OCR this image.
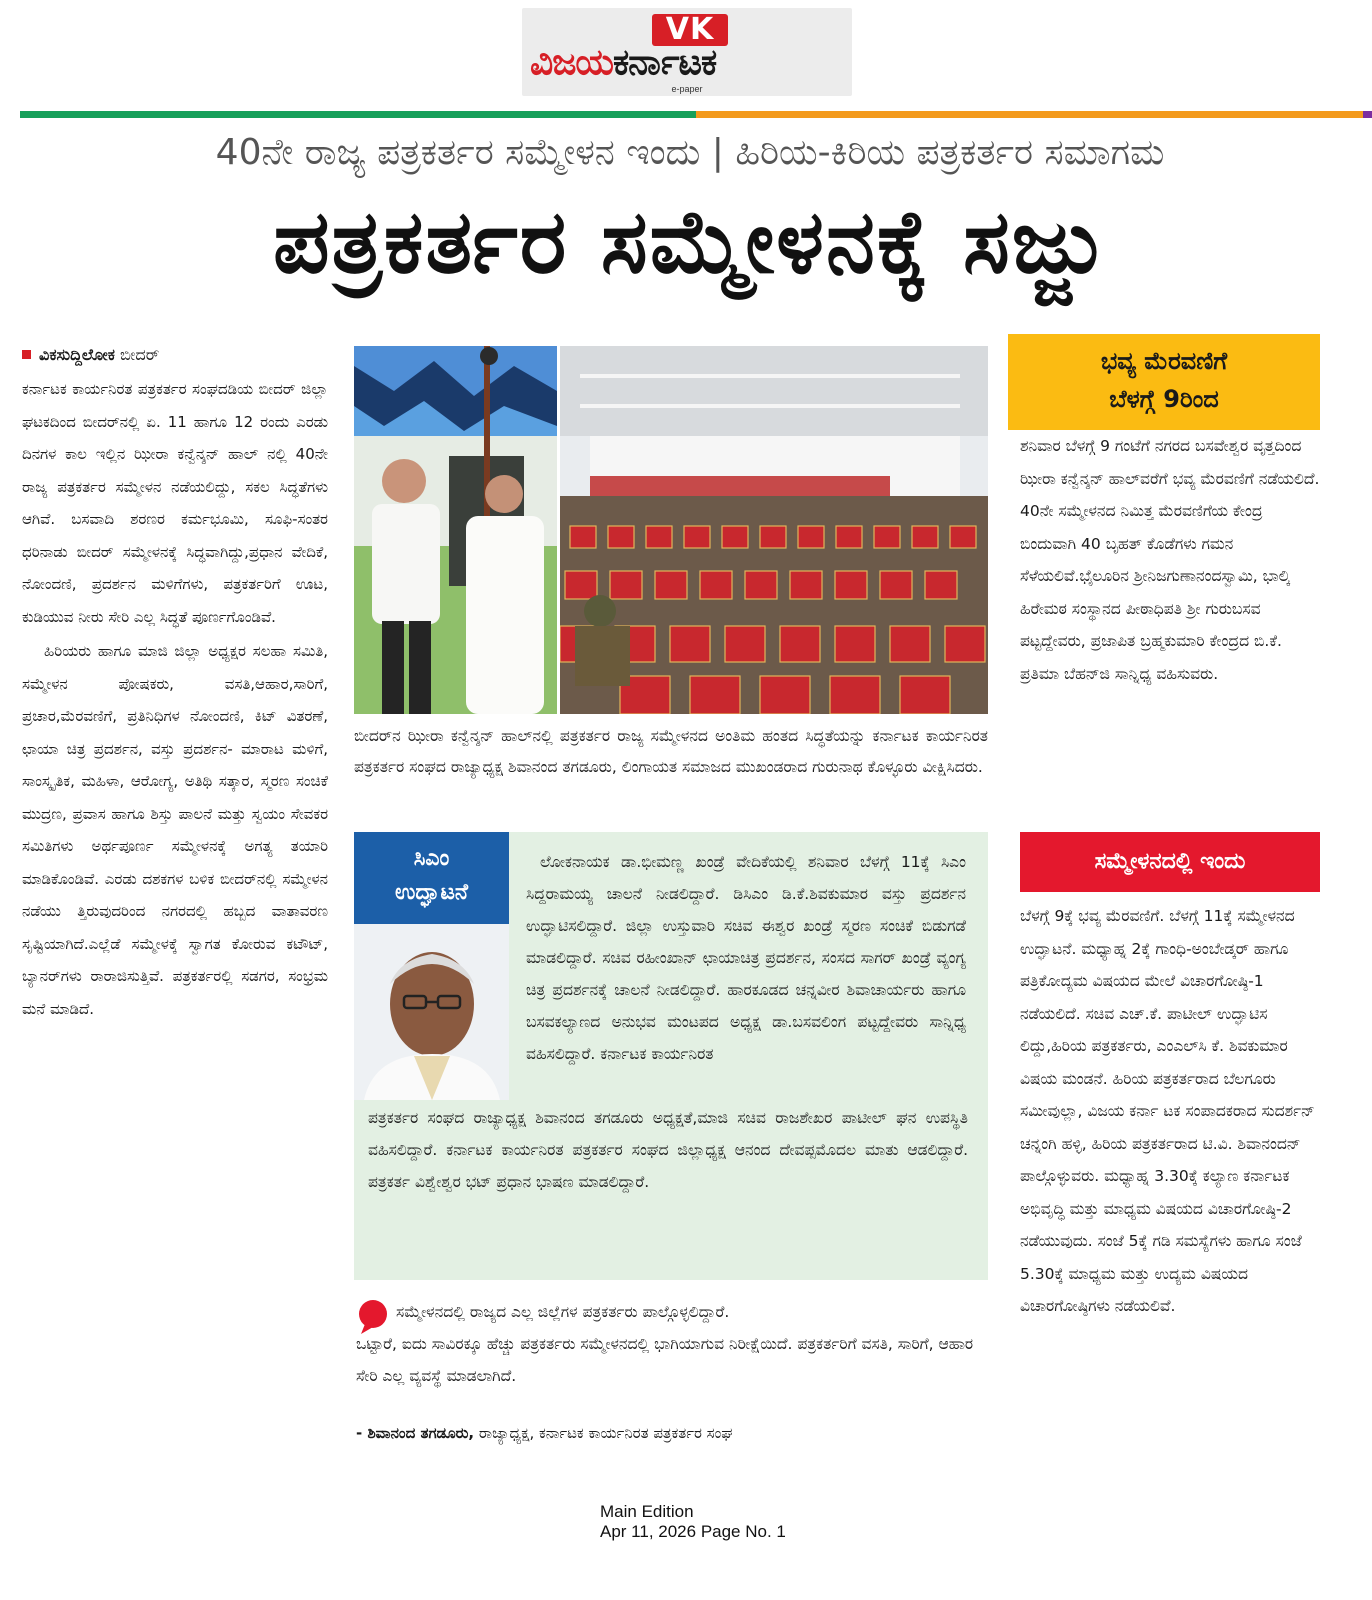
VK
ವಿಜಯಕರ್ನಾಟಕ
e-paper
40ನೇ ರಾಜ್ಯ ಪತ್ರಕರ್ತರ ಸಮ್ಮೇಳನ ಇಂದು | ಹಿರಿಯ-ಕಿರಿಯ ಪತ್ರಕರ್ತರ ಸಮಾಗಮ
ಪತ್ರಕರ್ತರ ಸಮ್ಮೇಳನಕ್ಕೆ ಸಜ್ಜು
ವಿಕಸುದ್ದಿಲೋಕ ಬೀದರ್

ಕರ್ನಾಟಕ ಕಾರ್ಯನಿರತ ಪತ್ರಕರ್ತರ ಸಂಘದಡಿಯ ಬೀದರ್ ಜಿಲ್ಲಾ ಘಟಕದಿಂದ ಬೀದರ್‌ನಲ್ಲಿ ಏ. 11 ಹಾಗೂ 12 ರಂದು ಎರಡು ದಿನಗಳ ಕಾಲ ಇಲ್ಲಿನ ಝೀರಾ ಕನ್ವೆನ್ಶನ್ ಹಾಲ್ ನಲ್ಲಿ 40ನೇ ರಾಜ್ಯ ಪತ್ರಕರ್ತರ ಸಮ್ಮೇಳನ ನಡೆಯಲಿದ್ದು, ಸಕಲ ಸಿದ್ಧತೆಗಳು ಆಗಿವೆ. ಬಸವಾದಿ ಶರಣರ ಕರ್ಮಭೂಮಿ, ಸೂಫಿ-ಸಂತರ ಧರಿನಾಡು ಬೀದರ್ ಸಮ್ಮೇಳನಕ್ಕೆ ಸಿದ್ಧವಾಗಿದ್ದು,ಪ್ರಧಾನ ವೇದಿಕೆ, ನೋಂದಣಿ, ಪ್ರದರ್ಶನ ಮಳಿಗೆಗಳು, ಪತ್ರಕರ್ತರಿಗೆ ಊಟ, ಕುಡಿಯುವ ನೀರು ಸೇರಿ ಎಲ್ಲ ಸಿದ್ಧತೆ ಪೂರ್ಣಗೊಂಡಿವೆ.

ಹಿರಿಯರು ಹಾಗೂ ಮಾಜಿ ಜಿಲ್ಲಾ ಅಧ್ಯಕ್ಷರ ಸಲಹಾ ಸಮಿತಿ, ಸಮ್ಮೇಳನ ಪೋಷಕರು, ವಸತಿ,ಆಹಾರ,ಸಾರಿಗೆ, ಪ್ರಚಾರ,ಮೆರವಣಿಗೆ, ಪ್ರತಿನಿಧಿಗಳ ನೋಂದಣಿ, ಕಿಟ್ ವಿತರಣೆ, ಛಾಯಾ ಚಿತ್ರ ಪ್ರದರ್ಶನ, ವಸ್ತು ಪ್ರದರ್ಶನ- ಮಾರಾಟ ಮಳಿಗೆ, ಸಾಂಸ್ಕೃತಿಕ, ಮಹಿಳಾ, ಆರೋಗ್ಯ, ಅತಿಥಿ ಸತ್ಕಾರ, ಸ್ಮರಣ ಸಂಚಿಕೆ ಮುದ್ರಣ, ಪ್ರವಾಸ ಹಾಗೂ ಶಿಸ್ತು ಪಾಲನೆ ಮತ್ತು ಸ್ವಯಂ ಸೇವಕರ ಸಮಿತಿಗಳು ಅರ್ಥಪೂರ್ಣ ಸಮ್ಮೇಳನಕ್ಕೆ ಅಗತ್ಯ ತಯಾರಿ ಮಾಡಿಕೊಂಡಿವೆ. ಎರಡು ದಶಕಗಳ ಬಳಿಕ ಬೀದರ್‌ನಲ್ಲಿ ಸಮ್ಮೇಳನ ನಡೆಯು ತ್ತಿರುವುದರಿಂದ ನಗರದಲ್ಲಿ ಹಬ್ಬದ ವಾತಾವರಣ ಸೃಷ್ಟಿಯಾಗಿದೆ.ಎಲ್ಲೆಡೆ ಸಮ್ಮೇಳಕ್ಕೆ ಸ್ವಾಗತ ಕೋರುವ ಕಟೌಟ್, ಬ್ಯಾನರ್‌ಗಳು ರಾರಾಜಿಸುತ್ತಿವೆ. ಪತ್ರಕರ್ತರಲ್ಲಿ ಸಡಗರ, ಸಂಭ್ರಮ ಮನೆ ಮಾಡಿದೆ.

ಬೀದರ್‌ನ ಝೀರಾ ಕನ್ವೆನ್ಶನ್ ಹಾಲ್‌ನಲ್ಲಿ ಪತ್ರಕರ್ತರ ರಾಜ್ಯ ಸಮ್ಮೇಳನದ ಅಂತಿಮ ಹಂತದ ಸಿದ್ಧತೆಯನ್ನು ಕರ್ನಾಟಕ ಕಾರ್ಯನಿರತ ಪತ್ರಕರ್ತರ ಸಂಘದ ರಾಜ್ಯಾಧ್ಯಕ್ಷ ಶಿವಾನಂದ ತಗಡೂರು, ಲಿಂಗಾಯತ ಸಮಾಜದ ಮುಖಂಡರಾದ ಗುರುನಾಥ ಕೊಳ್ಳೂರು ವೀಕ್ಷಿಸಿದರು.

ಸಿಎಂ
ಉದ್ಘಾಟನೆ

ಲೋಕನಾಯಕ ಡಾ.ಭೀಮಣ್ಣ ಖಂಡ್ರೆ ವೇದಿಕೆಯಲ್ಲಿ ಶನಿವಾರ ಬೆಳಗ್ಗೆ 11ಕ್ಕೆ ಸಿಎಂ ಸಿದ್ದರಾಮಯ್ಯ ಚಾಲನೆ ನೀಡಲಿದ್ದಾರೆ. ಡಿಸಿಎಂ ಡಿ.ಕೆ.ಶಿವಕುಮಾರ ವಸ್ತು ಪ್ರದರ್ಶನ ಉದ್ಘಾಟಿಸಲಿದ್ದಾರೆ. ಜಿಲ್ಲಾ ಉಸ್ತುವಾರಿ ಸಚಿವ ಈಶ್ವರ ಖಂಡ್ರೆ ಸ್ಮರಣ ಸಂಚಿಕೆ ಬಿಡುಗಡೆ ಮಾಡಲಿದ್ದಾರೆ. ಸಚಿವ ರಹೀಂಖಾನ್ ಛಾಯಾಚಿತ್ರ ಪ್ರದರ್ಶನ, ಸಂಸದ ಸಾಗರ್ ಖಂಡ್ರೆ ವ್ಯಂಗ್ಯ ಚಿತ್ರ ಪ್ರದರ್ಶನಕ್ಕೆ ಚಾಲನೆ ನೀಡಲಿದ್ದಾರೆ. ಹಾರಕೂಡದ ಚನ್ನವೀರ ಶಿವಾಚಾರ್ಯರು ಹಾಗೂ ಬಸವಕಲ್ಯಾಣದ ಅನುಭವ ಮಂಟಪದ ಅಧ್ಯಕ್ಷ ಡಾ.ಬಸವಲಿಂಗ ಪಟ್ಟದ್ದೇವರು ಸಾನ್ನಿಧ್ಯ ವಹಿಸಲಿದ್ದಾರೆ. ಕರ್ನಾಟಕ ಕಾರ್ಯನಿರತ

ಪತ್ರಕರ್ತರ ಸಂಘದ ರಾಜ್ಯಾಧ್ಯಕ್ಷ ಶಿವಾನಂದ ತಗಡೂರು ಅಧ್ಯಕ್ಷತೆ,ಮಾಜಿ ಸಚಿವ ರಾಜಶೇಖರ ಪಾಟೀಲ್ ಘನ ಉಪಸ್ಥಿತಿ ವಹಿಸಲಿದ್ದಾರೆ. ಕರ್ನಾಟಕ ಕಾರ್ಯನಿರತ ಪತ್ರಕರ್ತರ ಸಂಘದ ಜಿಲ್ಲಾಧ್ಯಕ್ಷ ಆನಂದ ದೇವಪ್ಪಮೊದಲ ಮಾತು ಆಡಲಿದ್ದಾರೆ. ಪತ್ರಕರ್ತ ವಿಶ್ವೇಶ್ವರ ಭಟ್ ಪ್ರಧಾನ ಭಾಷಣ ಮಾಡಲಿದ್ದಾರೆ.

ಸಮ್ಮೇಳನದಲ್ಲಿ ರಾಜ್ಯದ ಎಲ್ಲ ಜಿಲ್ಲೆಗಳ ಪತ್ರಕರ್ತರು ಪಾಲ್ಗೊಳ್ಳಲಿದ್ದಾರೆ.
ಒಟ್ಟಾರೆ, ಐದು ಸಾವಿರಕ್ಕೂ ಹೆಚ್ಚು ಪತ್ರಕರ್ತರು ಸಮ್ಮೇಳನದಲ್ಲಿ ಭಾಗಿಯಾಗುವ ನಿರೀಕ್ಷೆಯಿದೆ. ಪತ್ರಕರ್ತರಿಗೆ ವಸತಿ, ಸಾರಿಗೆ, ಆಹಾರ ಸೇರಿ ಎಲ್ಲ ವ್ಯವಸ್ಥೆ ಮಾಡಲಾಗಿದೆ.
- ಶಿವಾನಂದ ತಗಡೂರು, ರಾಜ್ಯಾಧ್ಯಕ್ಷ, ಕರ್ನಾಟಕ ಕಾರ್ಯನಿರತ ಪತ್ರಕರ್ತರ ಸಂಘ
ಭವ್ಯ ಮೆರವಣಿಗೆ
ಬೆಳಗ್ಗೆ 9ರಿಂದ

ಶನಿವಾರ ಬೆಳಗ್ಗೆ 9 ಗಂಟೆಗೆ ನಗರದ ಬಸವೇಶ್ವರ ವೃತ್ತದಿಂದ ಝೀರಾ ಕನ್ವೆನ್ಶನ್ ಹಾಲ್‌ವರೆಗೆ ಭವ್ಯ ಮೆರವಣಿಗೆ ನಡೆಯಲಿದೆ. 40ನೇ ಸಮ್ಮೇಳನದ ನಿಮಿತ್ತ ಮೆರವಣಿಗೆಯ ಕೇಂದ್ರ ಬಿಂದುವಾಗಿ 40 ಬೃಹತ್ ಕೊಡೆಗಳು ಗಮನ ಸೆಳೆಯಲಿವೆ.ಭೈಲೂರಿನ ಶ್ರೀನಿಜಗುಣಾನಂದಸ್ವಾಮಿ, ಭಾಲ್ಕಿ ಹಿರೇಮಠ ಸಂಸ್ಥಾನದ ಪೀಠಾಧಿಪತಿ ಶ್ರೀ ಗುರುಬಸವ ಪಟ್ಟದ್ದೇವರು, ಪ್ರಜಾಪಿತ ಬ್ರಹ್ಮಕುಮಾರಿ ಕೇಂದ್ರದ ಬಿ.ಕೆ. ಪ್ರತಿಮಾ ಬೆಹನ್‌ಜಿ ಸಾನ್ನಿಧ್ಯ ವಹಿಸುವರು.

ಸಮ್ಮೇಳನದಲ್ಲಿ ಇಂದು

ಬೆಳಗ್ಗೆ 9ಕ್ಕೆ ಭವ್ಯ ಮೆರವಣಿಗೆ. ಬೆಳಗ್ಗೆ 11ಕ್ಕೆ ಸಮ್ಮೇಳನದ ಉದ್ಘಾಟನೆ. ಮಧ್ಯಾಹ್ನ 2ಕ್ಕೆ ಗಾಂಧಿ-ಅಂಬೇಡ್ಕರ್ ಹಾಗೂ ಪತ್ರಿಕೋದ್ಯಮ ವಿಷಯದ ಮೇಲೆ ವಿಚಾರಗೋಷ್ಠಿ-1 ನಡೆಯಲಿದೆ. ಸಚಿವ ಎಚ್.ಕೆ. ಪಾಟೀಲ್ ಉದ್ಘಾಟಿಸ ಲಿದ್ದು,ಹಿರಿಯ ಪತ್ರಕರ್ತರು, ಎಂಎಲ್‌ಸಿ ಕೆ. ಶಿವಕುಮಾರ ವಿಷಯ ಮಂಡನೆ. ಹಿರಿಯ ಪತ್ರಕರ್ತರಾದ ಬೆಲಗೂರು ಸಮೀವುಲ್ಲಾ, ವಿಜಯ ಕರ್ನಾ ಟಕ ಸಂಪಾದಕರಾದ ಸುದರ್ಶನ್ ಚನ್ನಂಗಿ ಹಳ್ಳಿ, ಹಿರಿಯ ಪತ್ರಕರ್ತರಾದ ಟಿ.ವಿ. ಶಿವಾನಂದನ್ ಪಾಲ್ಗೊಳ್ಳುವರು. ಮಧ್ಯಾಹ್ನ 3.30ಕ್ಕೆ ಕಲ್ಯಾಣ ಕರ್ನಾಟಕ ಅಭಿವೃದ್ಧಿ ಮತ್ತು ಮಾಧ್ಯಮ ವಿಷಯದ ವಿಚಾರಗೋಷ್ಠಿ-2 ನಡೆಯುವುದು. ಸಂಜೆ 5ಕ್ಕೆ ಗಡಿ ಸಮಸ್ಯೆಗಳು ಹಾಗೂ ಸಂಜೆ 5.30ಕ್ಕೆ ಮಾಧ್ಯಮ ಮತ್ತು ಉದ್ಯಮ ವಿಷಯದ ವಿಚಾರಗೋಷ್ಠಿಗಳು ನಡೆಯಲಿವೆ.

Main Edition
Apr 11, 2026 Page No. 1
